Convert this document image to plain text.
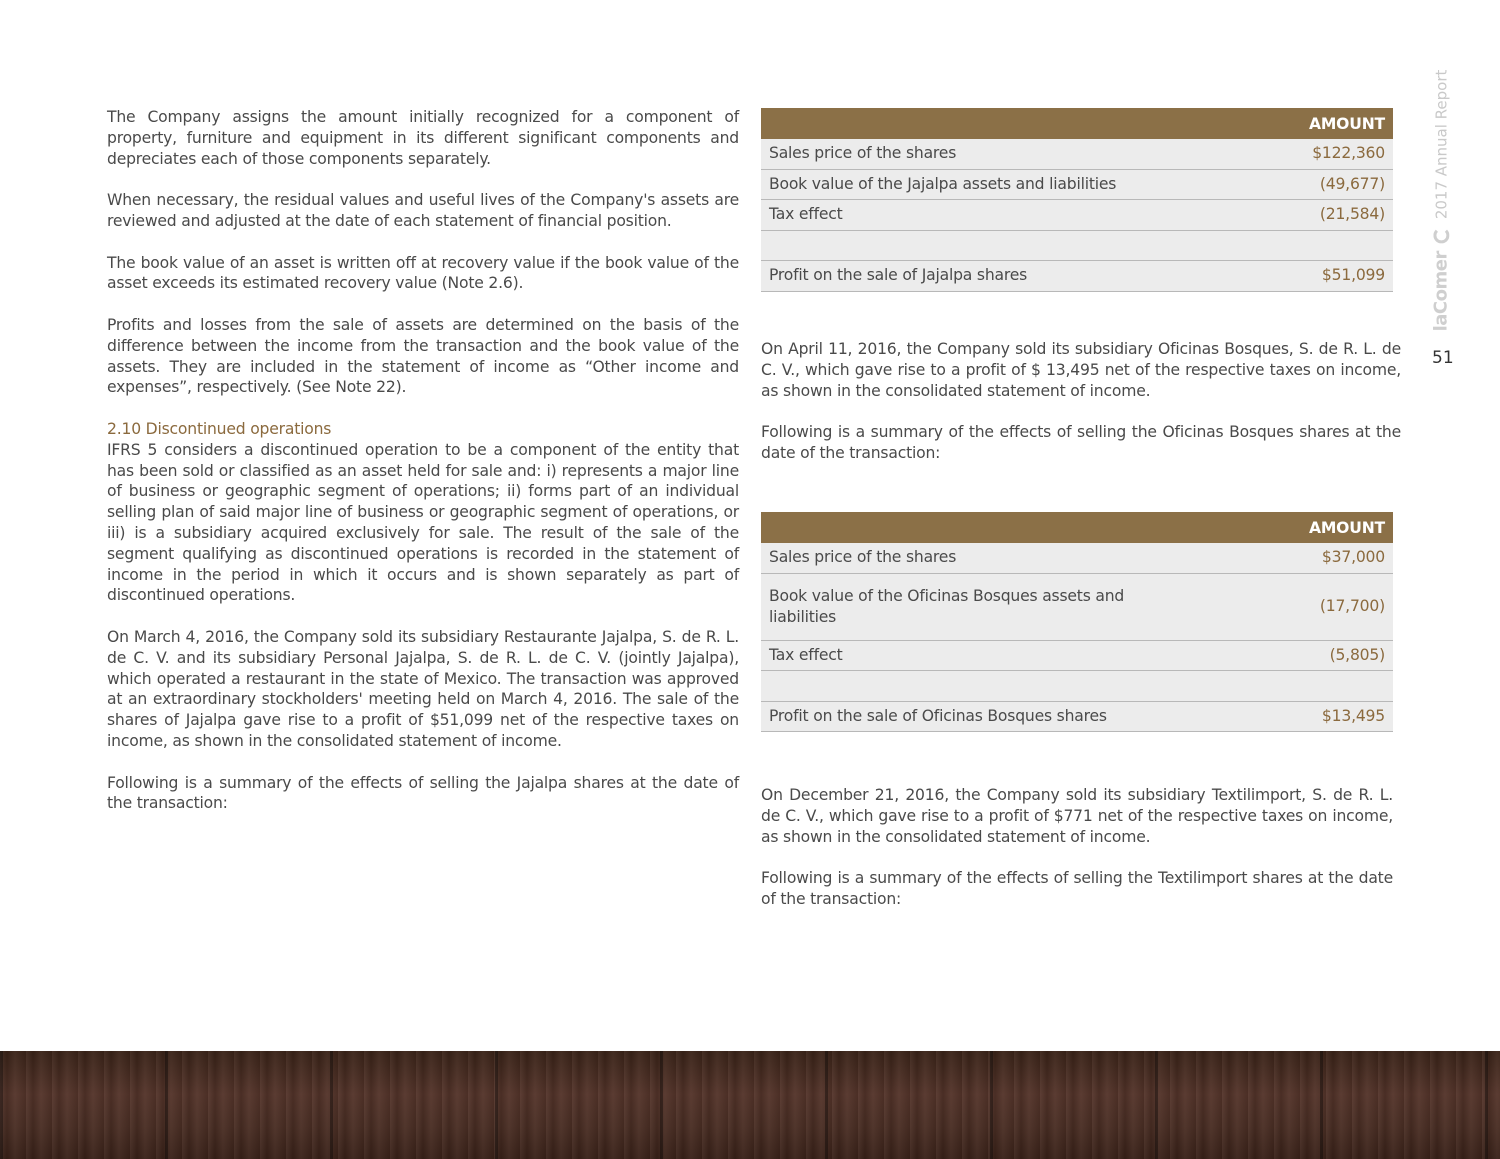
The Company assigns the amount initially recognized for a component of property, furniture and equipment in its different significant components and depreciates each of those components separately.

When necessary, the residual values and useful lives of the Company's assets are reviewed and adjusted at the date of each statement of financial position.

The book value of an asset is written off at recovery value if the book value of the asset exceeds its estimated recovery value (Note 2.6).

Profits and losses from the sale of assets are determined on the basis of the difference between the income from the transaction and the book value of the assets. They are included in the statement of income as “Other income and expenses”, respectively. (See Note 22).

2.10 Discontinued operations

IFRS 5 considers a discontinued operation to be a component of the entity that has been sold or classified as an asset held for sale and: i) represents a major line of business or geographic segment of operations; ii) forms part of an individual selling plan of said major line of business or geographic segment of operations, or iii) is a subsidiary acquired exclusively for sale. The result of the sale of the segment qualifying as discontinued operations is recorded in the statement of income in the period in which it occurs and is shown separately as part of discontinued operations.

On March 4, 2016, the Company sold its subsidiary Restaurante Jajalpa, S. de R. L. de C. V. and its subsidiary Personal Jajalpa, S. de R. L. de C. V. (jointly Jajalpa), which operated a restaurant in the state of Mexico. The transaction was approved at an extraordinary stockholders' meeting held on March 4, 2016. The sale of the shares of Jajalpa gave rise to a profit of $51,099 net of the respective taxes on income, as shown in the consolidated statement of income.

Following is a summary of the effects of selling the Jajalpa shares at the date of the transaction:

AMOUNT	
Sales price of the shares	$122,360
Book value of the Jajalpa assets and liabilities	(49,677)
Tax effect	(21,584)

Profit on the sale of Jajalpa shares	$51,099

On April 11, 2016, the Company sold its subsidiary Oficinas Bosques, S. de R. L. de C. V., which gave rise to a profit of $ 13,495 net of the respective taxes on income, as shown in the consolidated statement of income.

Following is a summary of the effects of selling the Oficinas Bosques shares at the date of the transaction:

AMOUNT	
Sales price of the shares	$37,000

Book value of the Oficinas Bosques assets and liabilities	(17,700)
Tax effect	(5,805)

Profit on the sale of Oficinas Bosques shares	$13,495

On December 21, 2016, the Company sold its subsidiary Textilimport, S. de R. L. de C. V., which gave rise to a profit of $771 net of the respective taxes on income, as shown in the consolidated statement of income.

Following is a summary of the effects of selling the Textilimport shares at the date of the transaction:

laComer
2017 Annual Report
51
